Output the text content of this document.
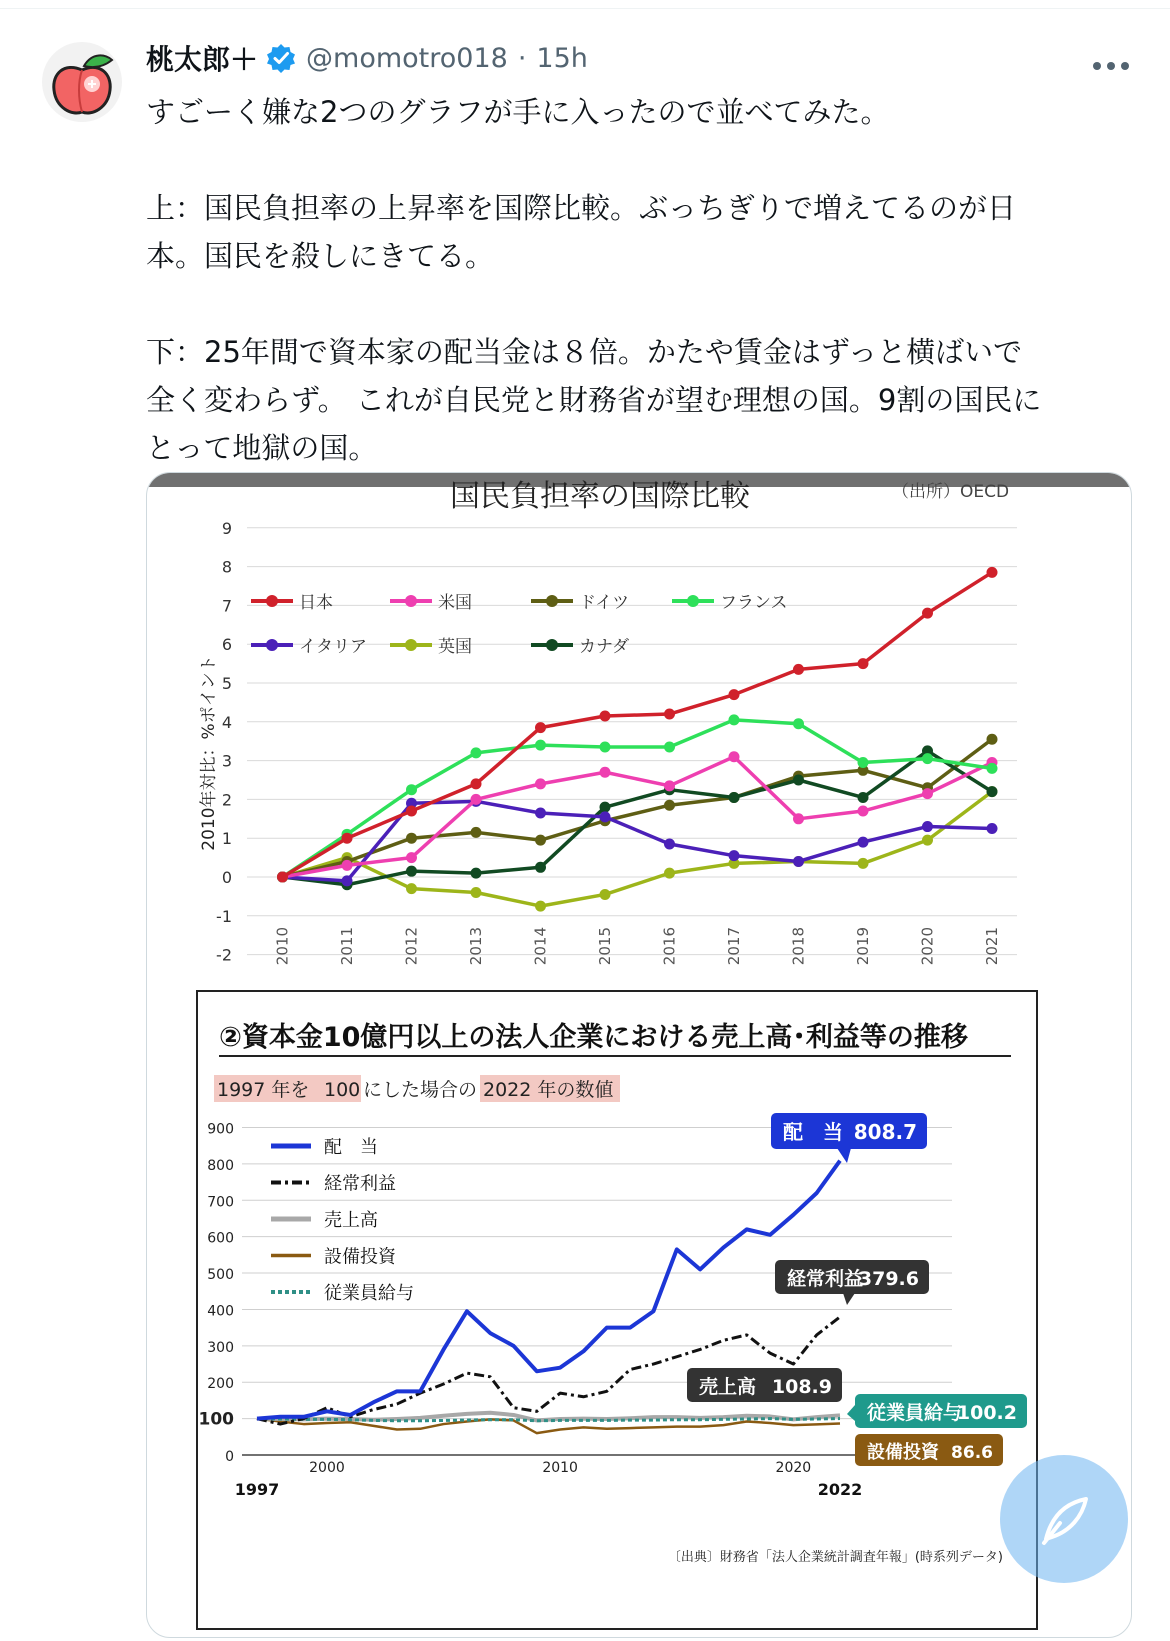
桃太郎＋ @momotro018 · 15h

すごーく嫌な2つのグラフが手に入ったので並べてみた。

上：国民負担率の上昇率を国際比較。ぶっちぎりで増えてるのが日

本。国民を殺しにきてる。

下：25年間で資本家の配当金は８倍。かたや賃金はずっと横ばいで

全く変わらず。 これが自民党と財務省が望む理想の国。9割の国民に

とって地獄の国。

9
8
7
6
5
4
3
2
1
0
-1
-2	2010	2011	2012	2013	2014	2015	2016	2017	2018	2019	2020	2021
国民負担率の国際比較	（出所）OECD
2010年対比：%ポイント
日本	米国	ドイツ	フランス
イタリア	英国	カナダ
②資本金10億円以上の法人企業における売上高･利益等の推移
1997 年を 100 にした場合の 2022 年の数値
900
800
700
600
500
400
300
200
100
0
1997	2022
2000	2010	2020
配　当
経常利益
売上高
設備投資
従業員給与
配　当 808.7
経常利益
379.6
売上高 108.9
従業員給与
100.2
設備投資 86.6
〔出典〕財務省「法人企業統計調査年報」(時系列データ)
